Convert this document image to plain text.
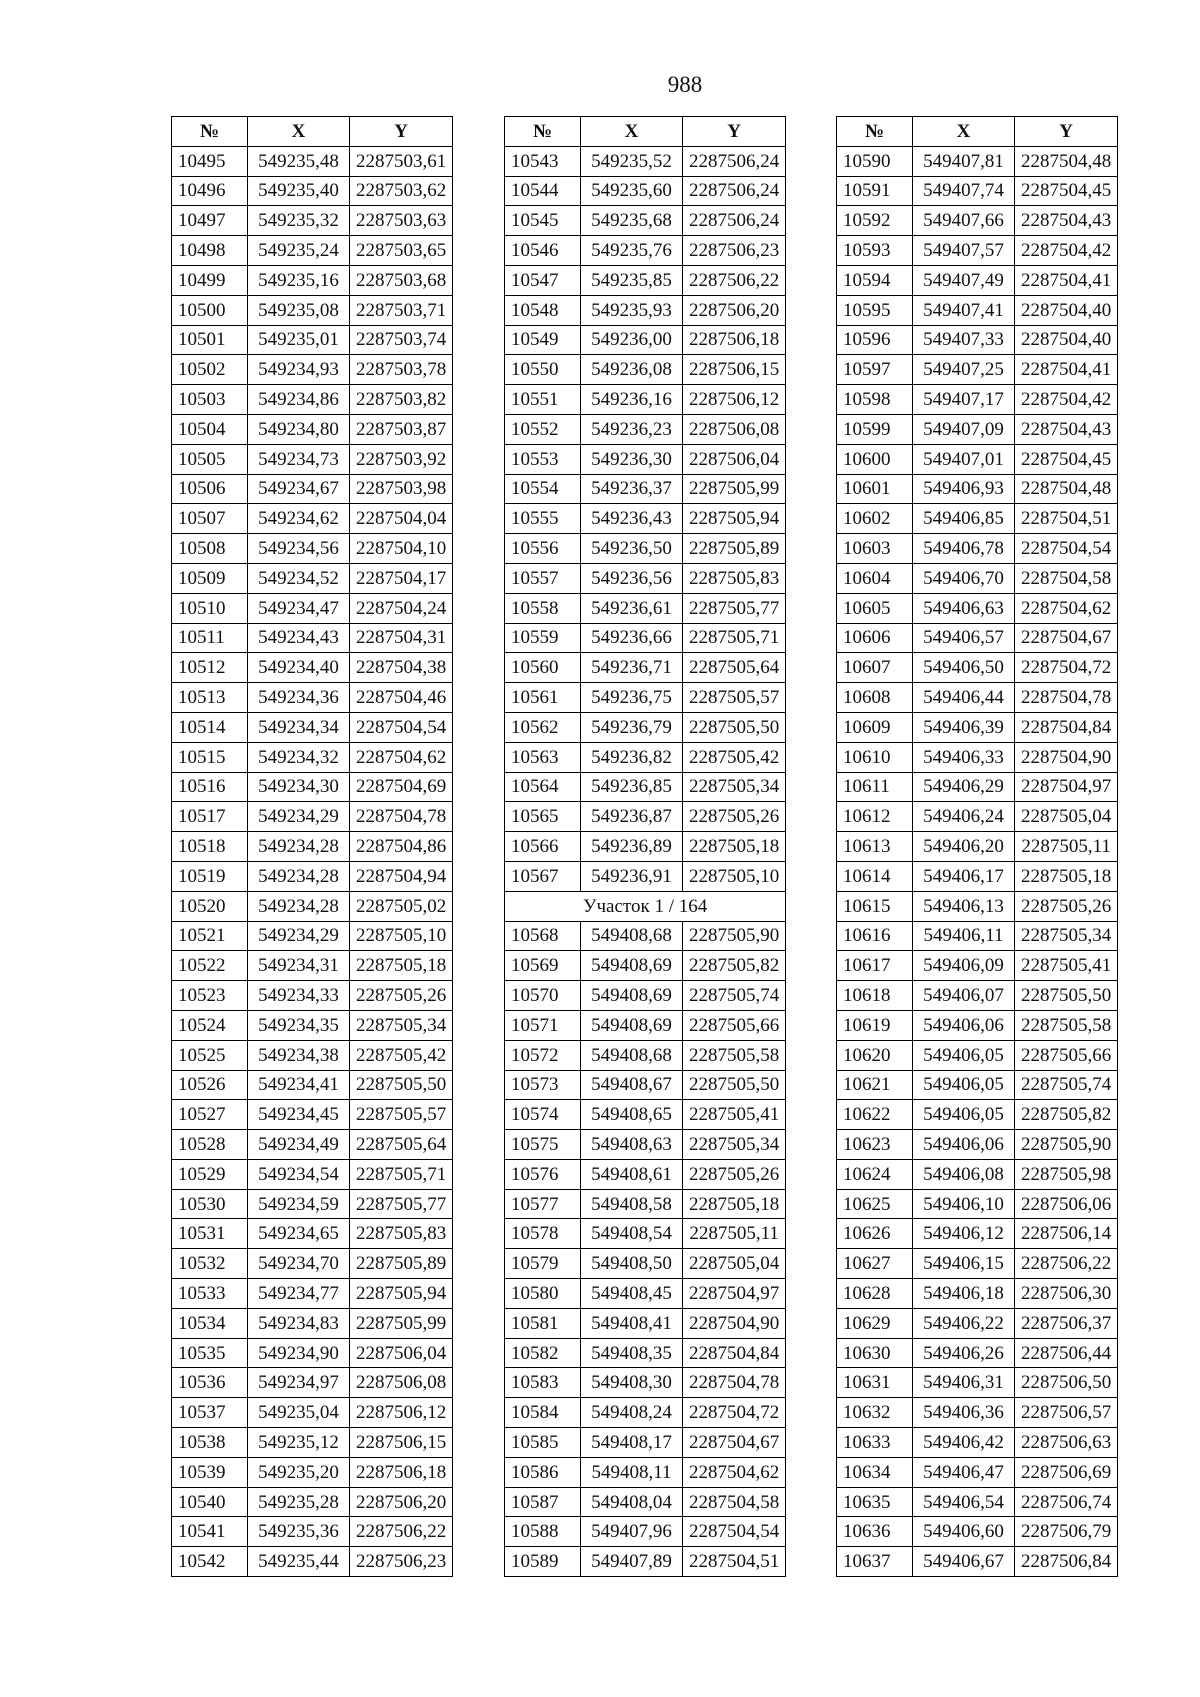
988
№	X	Y
10495	549235,48	2287503,61
10496	549235,40	2287503,62
10497	549235,32	2287503,63
10498	549235,24	2287503,65
10499	549235,16	2287503,68
10500	549235,08	2287503,71
10501	549235,01	2287503,74
10502	549234,93	2287503,78
10503	549234,86	2287503,82
10504	549234,80	2287503,87
10505	549234,73	2287503,92
10506	549234,67	2287503,98
10507	549234,62	2287504,04
10508	549234,56	2287504,10
10509	549234,52	2287504,17
10510	549234,47	2287504,24
10511	549234,43	2287504,31
10512	549234,40	2287504,38
10513	549234,36	2287504,46
10514	549234,34	2287504,54
10515	549234,32	2287504,62
10516	549234,30	2287504,69
10517	549234,29	2287504,78
10518	549234,28	2287504,86
10519	549234,28	2287504,94
10520	549234,28	2287505,02
10521	549234,29	2287505,10
10522	549234,31	2287505,18
10523	549234,33	2287505,26
10524	549234,35	2287505,34
10525	549234,38	2287505,42
10526	549234,41	2287505,50
10527	549234,45	2287505,57
10528	549234,49	2287505,64
10529	549234,54	2287505,71
10530	549234,59	2287505,77
10531	549234,65	2287505,83
10532	549234,70	2287505,89
10533	549234,77	2287505,94
10534	549234,83	2287505,99
10535	549234,90	2287506,04
10536	549234,97	2287506,08
10537	549235,04	2287506,12
10538	549235,12	2287506,15
10539	549235,20	2287506,18
10540	549235,28	2287506,20
10541	549235,36	2287506,22
10542	549235,44	2287506,23
№	X	Y
10543	549235,52	2287506,24
10544	549235,60	2287506,24
10545	549235,68	2287506,24
10546	549235,76	2287506,23
10547	549235,85	2287506,22
10548	549235,93	2287506,20
10549	549236,00	2287506,18
10550	549236,08	2287506,15
10551	549236,16	2287506,12
10552	549236,23	2287506,08
10553	549236,30	2287506,04
10554	549236,37	2287505,99
10555	549236,43	2287505,94
10556	549236,50	2287505,89
10557	549236,56	2287505,83
10558	549236,61	2287505,77
10559	549236,66	2287505,71
10560	549236,71	2287505,64
10561	549236,75	2287505,57
10562	549236,79	2287505,50
10563	549236,82	2287505,42
10564	549236,85	2287505,34
10565	549236,87	2287505,26
10566	549236,89	2287505,18
10567	549236,91	2287505,10
Участок 1 / 164		
10568	549408,68	2287505,90
10569	549408,69	2287505,82
10570	549408,69	2287505,74
10571	549408,69	2287505,66
10572	549408,68	2287505,58
10573	549408,67	2287505,50
10574	549408,65	2287505,41
10575	549408,63	2287505,34
10576	549408,61	2287505,26
10577	549408,58	2287505,18
10578	549408,54	2287505,11
10579	549408,50	2287505,04
10580	549408,45	2287504,97
10581	549408,41	2287504,90
10582	549408,35	2287504,84
10583	549408,30	2287504,78
10584	549408,24	2287504,72
10585	549408,17	2287504,67
10586	549408,11	2287504,62
10587	549408,04	2287504,58
10588	549407,96	2287504,54
10589	549407,89	2287504,51
№	X	Y
10590	549407,81	2287504,48
10591	549407,74	2287504,45
10592	549407,66	2287504,43
10593	549407,57	2287504,42
10594	549407,49	2287504,41
10595	549407,41	2287504,40
10596	549407,33	2287504,40
10597	549407,25	2287504,41
10598	549407,17	2287504,42
10599	549407,09	2287504,43
10600	549407,01	2287504,45
10601	549406,93	2287504,48
10602	549406,85	2287504,51
10603	549406,78	2287504,54
10604	549406,70	2287504,58
10605	549406,63	2287504,62
10606	549406,57	2287504,67
10607	549406,50	2287504,72
10608	549406,44	2287504,78
10609	549406,39	2287504,84
10610	549406,33	2287504,90
10611	549406,29	2287504,97
10612	549406,24	2287505,04
10613	549406,20	2287505,11
10614	549406,17	2287505,18
10615	549406,13	2287505,26
10616	549406,11	2287505,34
10617	549406,09	2287505,41
10618	549406,07	2287505,50
10619	549406,06	2287505,58
10620	549406,05	2287505,66
10621	549406,05	2287505,74
10622	549406,05	2287505,82
10623	549406,06	2287505,90
10624	549406,08	2287505,98
10625	549406,10	2287506,06
10626	549406,12	2287506,14
10627	549406,15	2287506,22
10628	549406,18	2287506,30
10629	549406,22	2287506,37
10630	549406,26	2287506,44
10631	549406,31	2287506,50
10632	549406,36	2287506,57
10633	549406,42	2287506,63
10634	549406,47	2287506,69
10635	549406,54	2287506,74
10636	549406,60	2287506,79
10637	549406,67	2287506,84
